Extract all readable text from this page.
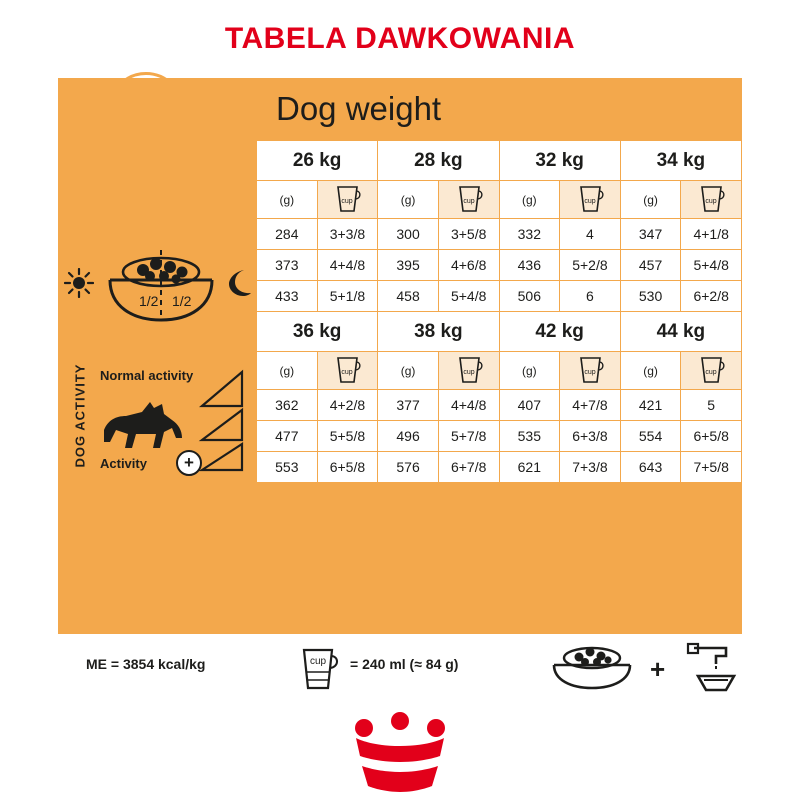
TABELA DAWKOWANIA
Dog weight
DOG ACTIVITY
1/2 1/2
Normal activity
Activity	+
26 kg		28 kg		32 kg		34 kg	
(g)	cup	(g)	cup	(g)	cup	(g)	cup

284	3+3/8	300	3+5/8	332	4	347	4+1/8
373	4+4/8	395	4+6/8	436	5+2/8	457	5+4/8
433	5+1/8	458	5+4/8	506	6	530	6+2/8
36 kg		38 kg		42 kg		44 kg	
(g)	cup	(g)	cup	(g)	cup	(g)	cup

362	4+2/8	377	4+4/8	407	4+7/8	421	5
477	5+5/8	496	5+7/8	535	6+3/8	554	6+5/8
553	6+5/8	576	6+7/8	621	7+3/8	643	7+5/8
ME = 3854 kcal/kg	cup = 240 ml (≈ 84 g)	+
